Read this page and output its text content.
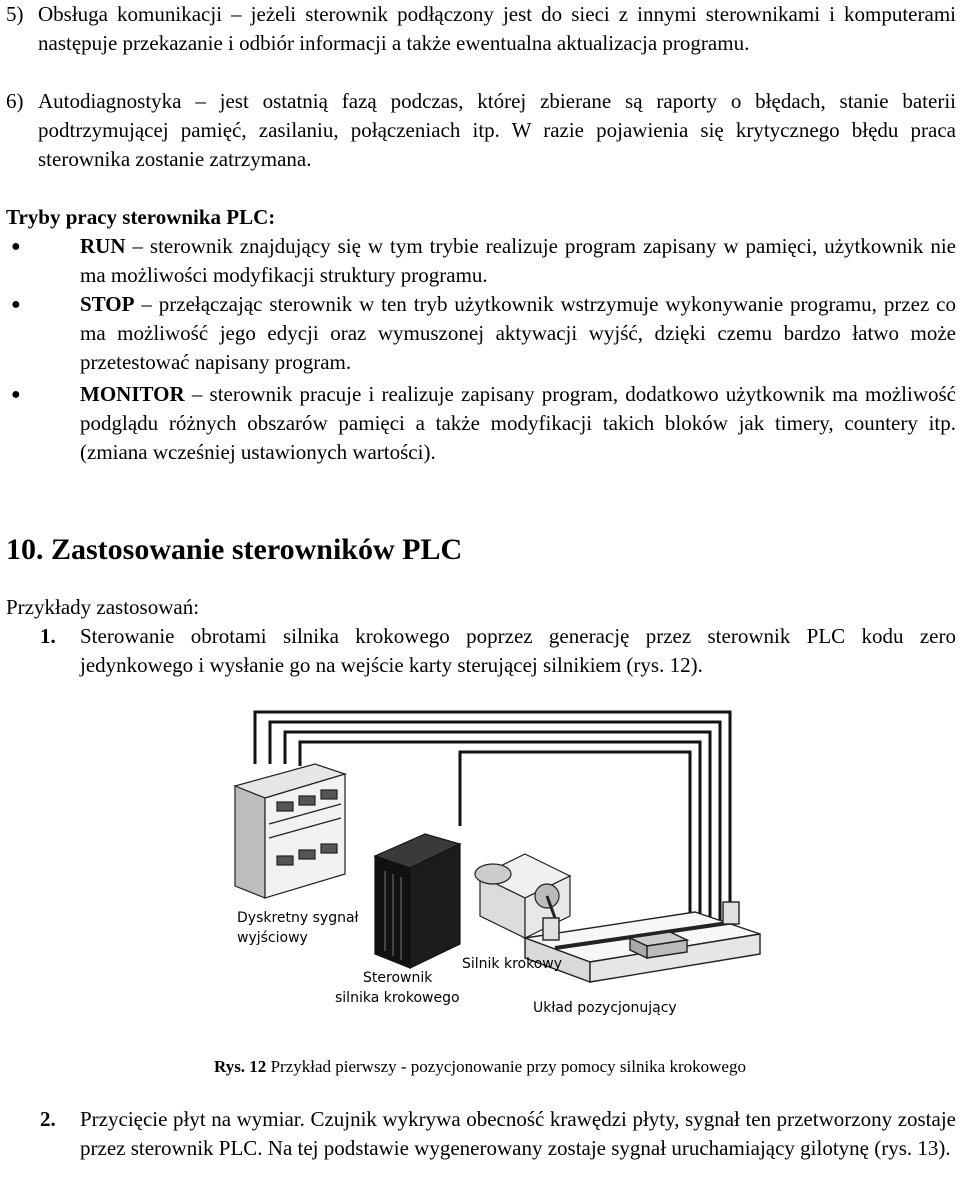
5) Obsługa komunikacji – jeżeli sterownik podłączony jest do sieci z innymi sterownikami i komputerami następuje przekazanie i odbiór informacji a także ewentualna aktualizacja programu.
6) Autodiagnostyka – jest ostatnią fazą podczas, której zbierane są raporty o błędach, stanie baterii podtrzymującej pamięć, zasilaniu, połączeniach itp. W razie pojawienia się krytycznego błędu praca sterownika zostanie zatrzymana.
Tryby pracy sterownika PLC:
●	RUN – sterownik znajdujący się w tym trybie realizuje program zapisany w pamięci, użytkownik nie ma możliwości modyfikacji struktury programu.
●	STOP – przełączając sterownik w ten tryb użytkownik wstrzymuje wykonywanie programu, przez co ma możliwość jego edycji oraz wymuszonej aktywacji wyjść, dzięki czemu bardzo łatwo może przetestować napisany program.
●	MONITOR – sterownik pracuje i realizuje zapisany program, dodatkowo użytkownik ma możliwość podglądu różnych obszarów pamięci a także modyfikacji takich bloków jak timery, countery itp. (zmiana wcześniej ustawionych wartości).
10. Zastosowanie sterowników PLC
Przykłady zastosowań:
1.	Sterowanie obrotami silnika krokowego poprzez generację przez sterownik PLC kodu zero jedynkowego i wysłanie go na wejście karty sterującej silnikiem (rys. 12).
Dyskretny sygnał
wyjściowy
Sterownik
silnika krokowego
Silnik krokowy
Układ pozycjonujący
Rys. 12 Przykład pierwszy - pozycjonowanie przy pomocy silnika krokowego
2.	Przycięcie płyt na wymiar. Czujnik wykrywa obecność krawędzi płyty, sygnał ten przetworzony zostaje przez sterownik PLC. Na tej podstawie wygenerowany zostaje sygnał uruchamiający gilotynę (rys. 13).
